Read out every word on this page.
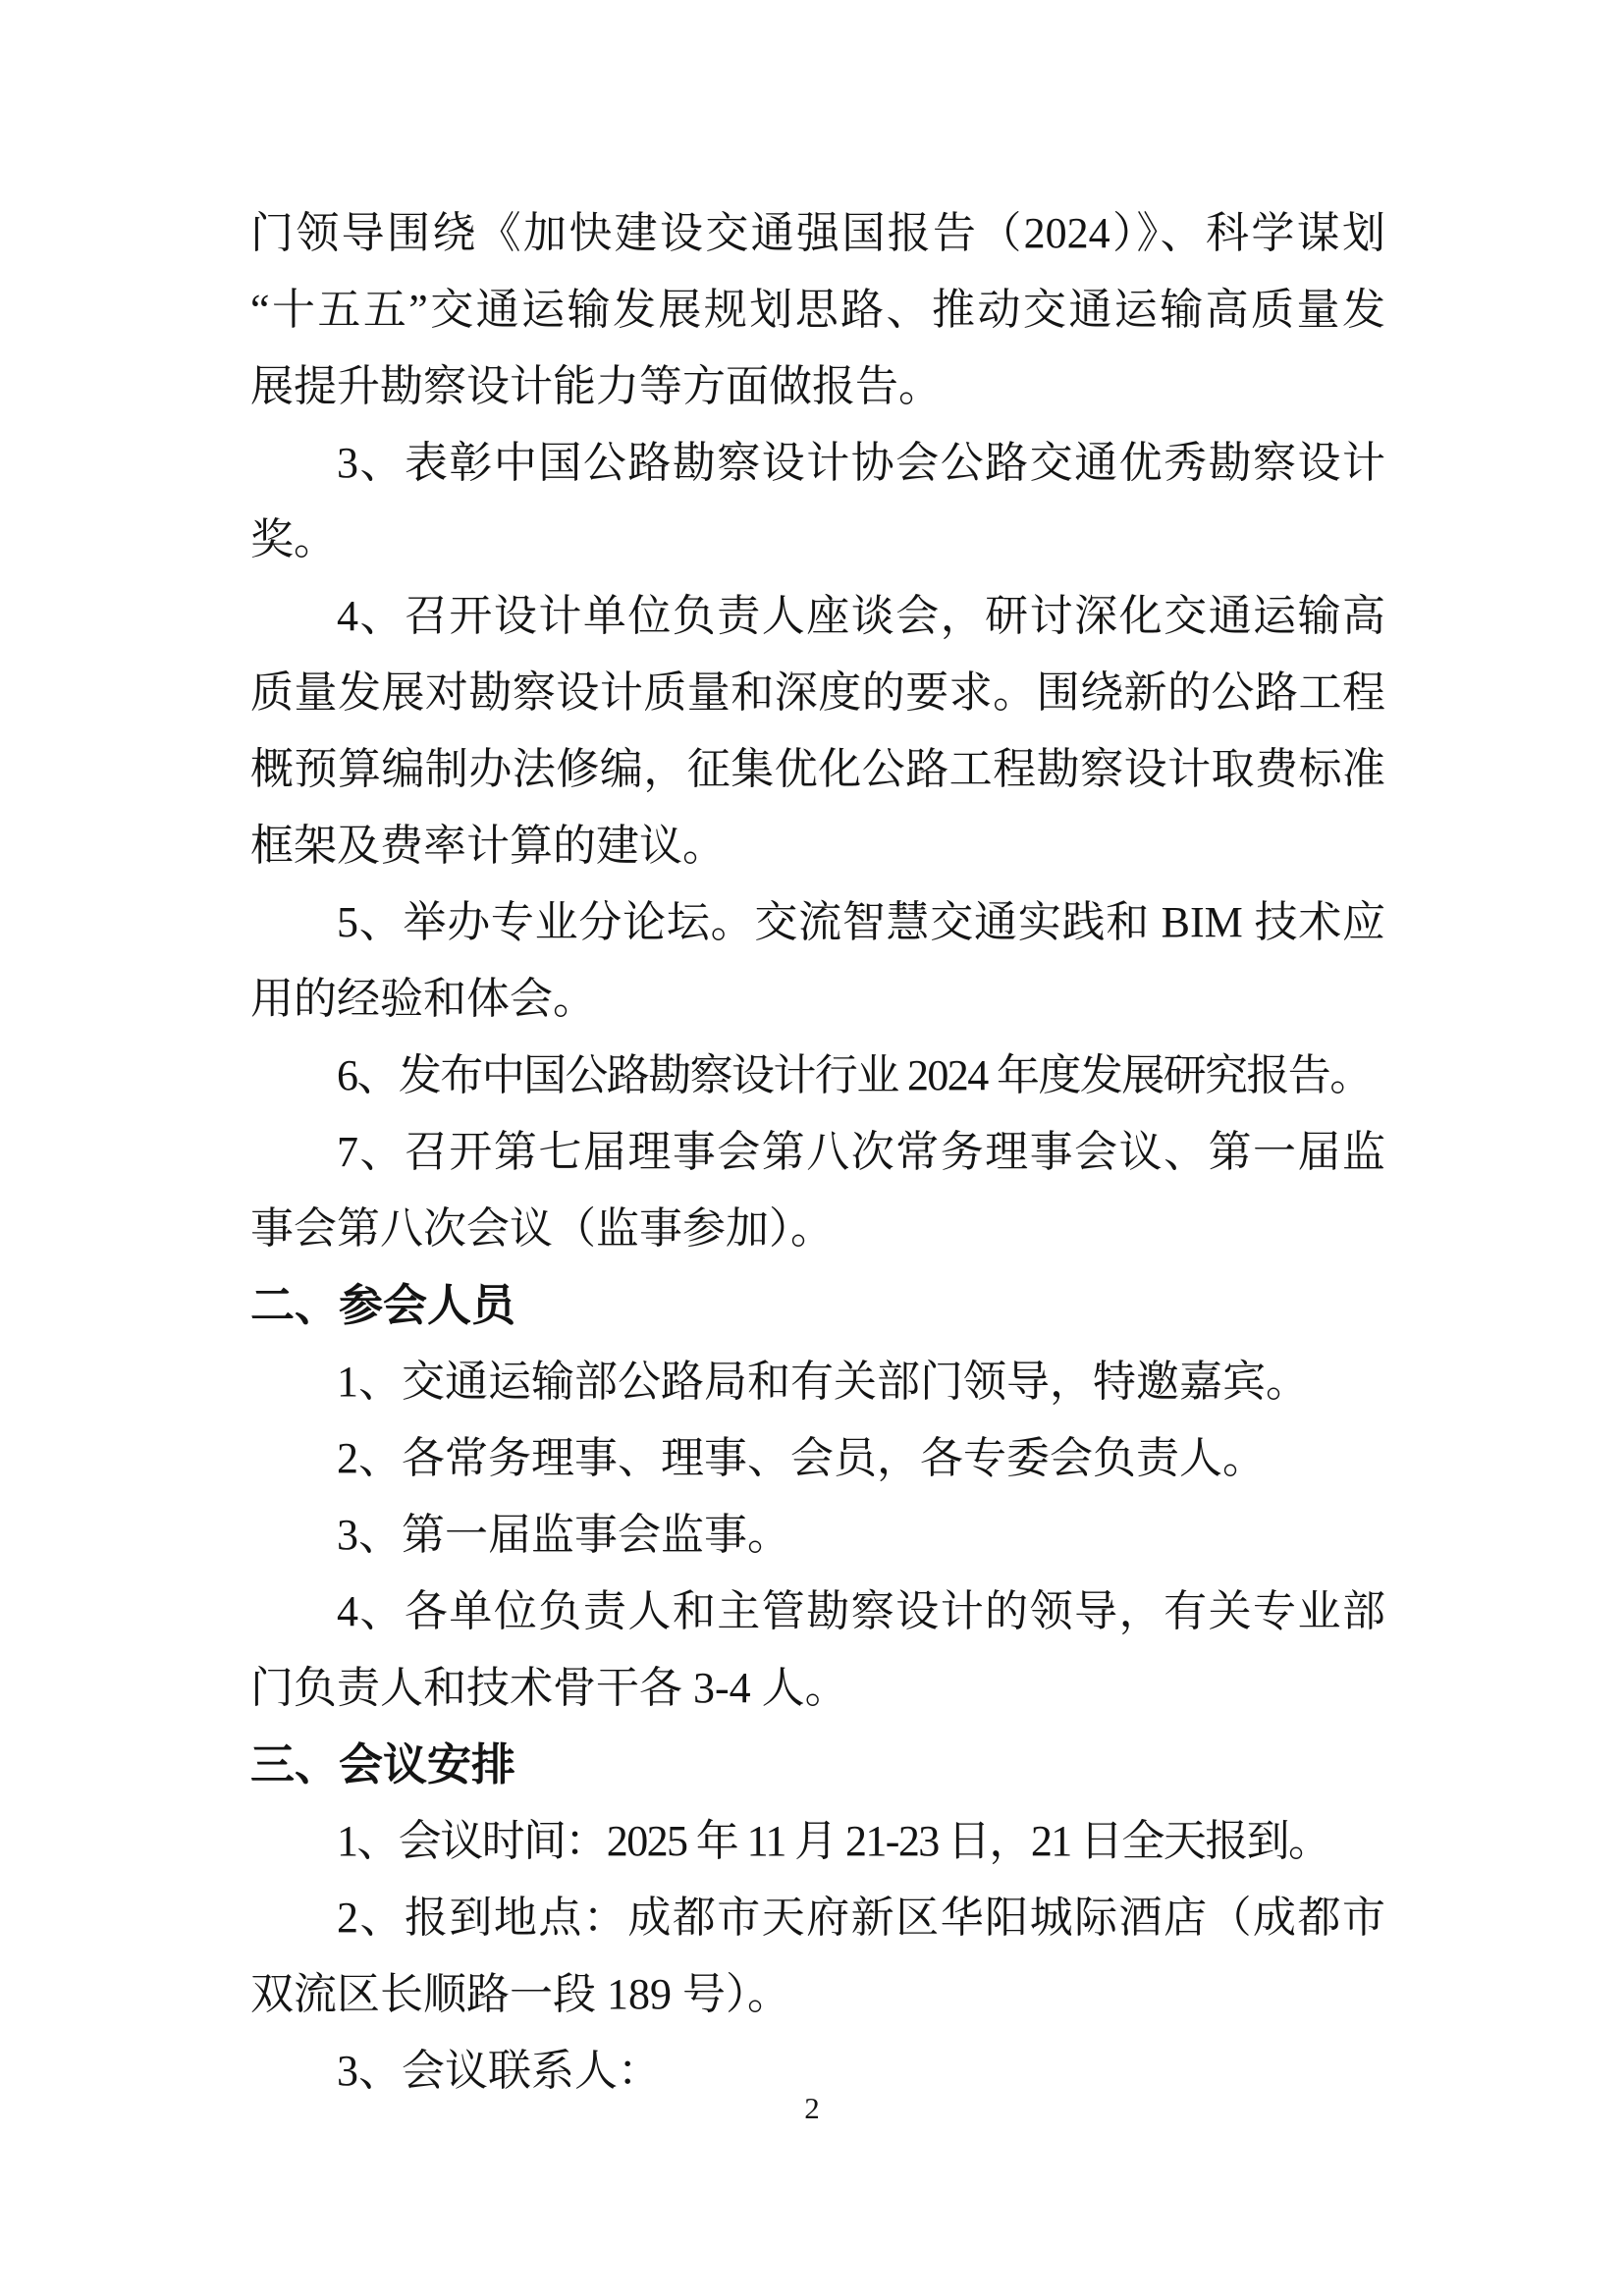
门领导围绕《加快建设交通强国报告（2024）》、科学谋划
“十五五”交通运输发展规划思路、推动交通运输高质量发
展提升勘察设计能力等方面做报告。
3、表彰中国公路勘察设计协会公路交通优秀勘察设计
奖。
4、召开设计单位负责人座谈会，研讨深化交通运输高
质量发展对勘察设计质量和深度的要求。围绕新的公路工程
概预算编制办法修编，征集优化公路工程勘察设计取费标准
框架及费率计算的建议。
5、举办专业分论坛。交流智慧交通实践和 BIM 技术应
用的经验和体会。
6、发布中国公路勘察设计行业 2024 年度发展研究报告。
7、召开第七届理事会第八次常务理事会议、第一届监
事会第八次会议（监事参加）。
二、参会人员
1、交通运输部公路局和有关部门领导，特邀嘉宾。
2、各常务理事、理事、会员，各专委会负责人。
3、第一届监事会监事。
4、各单位负责人和主管勘察设计的领导，有关专业部
门负责人和技术骨干各 3-4 人。
三、会议安排
1、会议时间：2025 年 11 月 21-23 日，21 日全天报到。
2、报到地点：成都市天府新区华阳城际酒店（成都市
双流区长顺路一段 189 号）。
3、会议联系人：
2
